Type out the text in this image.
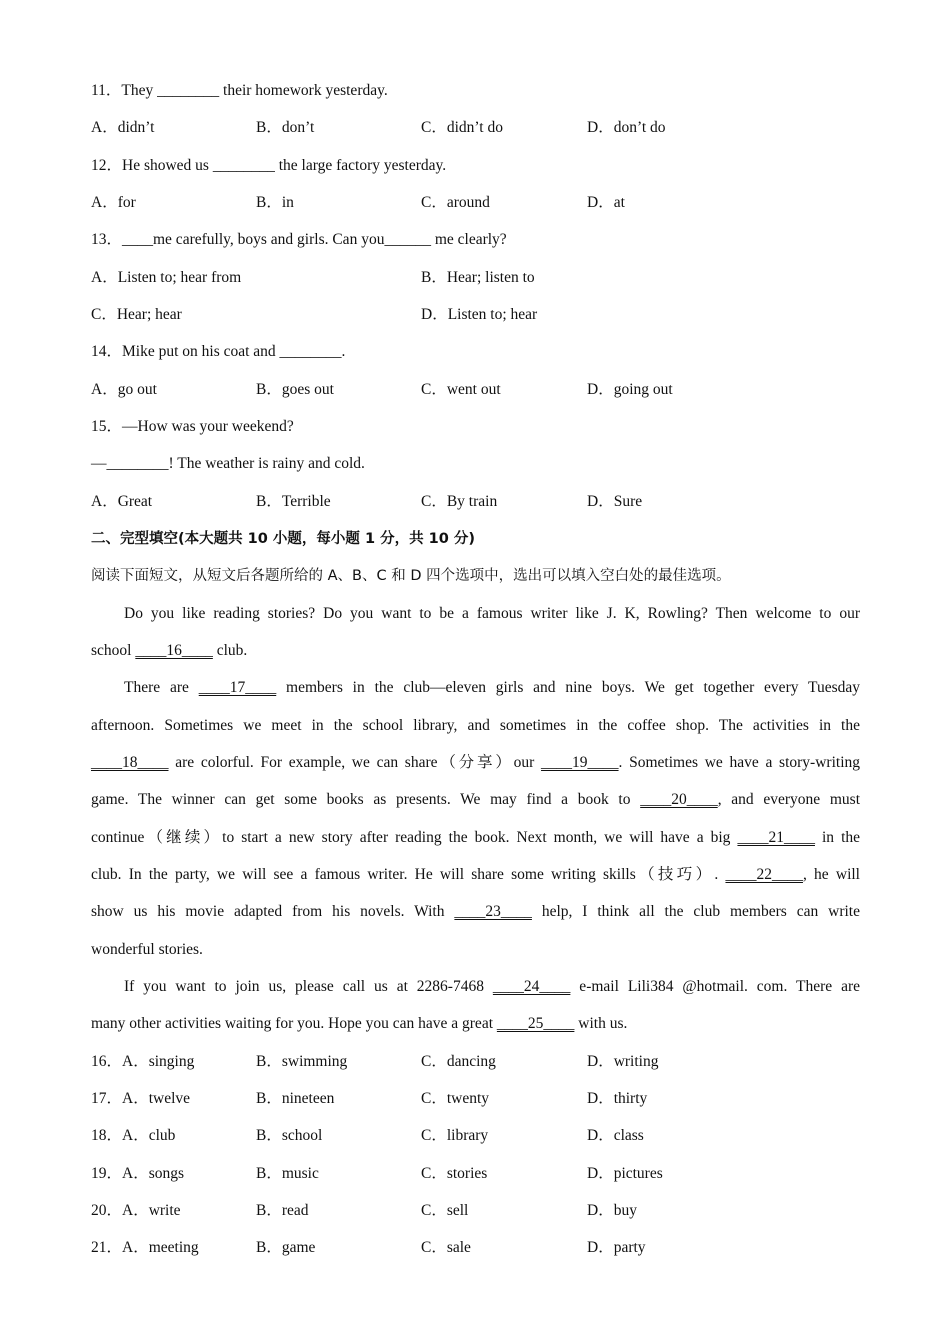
11．They ________ their homework yesterday.
A．didn’t	B．don’t	C．didn’t do	D．don’t do
12．He showed us ________ the large factory yesterday.
A．for	B．in	C．around	D．at
13．____me carefully, boys and girls. Can you______ me clearly?
A．Listen to; hear from	B．Hear; listen to
C．Hear; hear	D．Listen to; hear
14．Mike put on his coat and ________.
A．go out	B．goes out	C．went out	D．going out
15．—How was your weekend?
—________! The weather is rainy and cold.
A．Great	B．Terrible	C．By train	D．Sure
二、完型填空(本大题共 10 小题，每小题 1 分，共 10 分)
阅读下面短文，从短文后各题所给的 A、B、C 和 D 四个选项中，选出可以填入空白处的最佳选项。
Do you like reading stories? Do you want to be a famous writer like J. K, Rowling? Then welcome to our
school ____16____ club.
There are ____17____ members in the club—eleven girls and nine boys. We get together every Tuesday
afternoon. Sometimes we meet in the school library, and sometimes in the coffee shop. The activities in the
____18____ are colorful. For example, we can share（分享）our ____19____. Sometimes we have a story-writing
game. The winner can get some books as presents. We may find a book to ____20____, and everyone must
continue（继续）to start a new story after reading the book. Next month, we will have a big ____21____ in the
club. In the party, we will see a famous writer. He will share some writing skills（技巧）. ____22____, he will
show us his movie adapted from his novels. With ____23____ help, I think all the club members can write
wonderful stories.
If you want to join us, please call us at 2286-7468 ____24____ e-mail Lili384 @hotmail. com. There are
many other activities waiting for you. Hope you can have a great ____25____ with us.
16．A．singing	B．swimming	C．dancing	D．writing
17．A．twelve	B．nineteen	C．twenty	D．thirty
18．A．club	B．school	C．library	D．class
19．A．songs	B．music	C．stories	D．pictures
20．A．write	B．read	C．sell	D．buy
21．A．meeting	B．game	C．sale	D．party
